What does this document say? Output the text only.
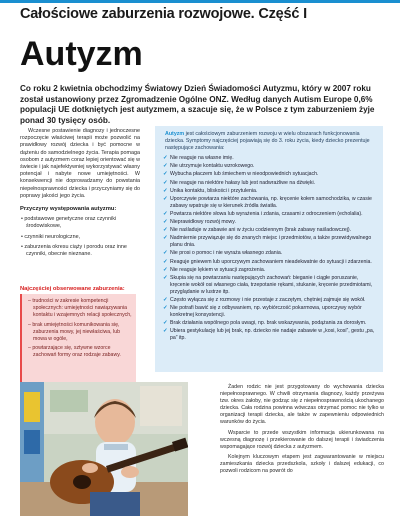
Całościowe zaburzenia rozwojowe. Część I
Autyzm
Co roku 2 kwietnia obchodzimy Światowy Dzień Świadomości Autyzmu, który w 2007 roku został ustanowiony przez Zgromadzenie Ogólne ONZ. Według danych Autism Europe 0,6% populacji UE dotkniętych jest autyzmem, a szacuje się, że w Polsce z tym zaburzeniem żyje ponad 30 tysięcy osób.

Wczesne postawienie diagnozy i jednoczesne rozpoczęcie właściwej terapii może pozwolić na prawidłowy rozwój dziecka i być pomocne w dążeniu do samodzielnego życia. Terapia pomaga osobom z autyzmem coraz lepiej orientować się w świecie i jak najefektywniej wykorzystywać własny potencjał i nabyte nowe umiejętności. W konsekwencji nie doprowadzamy do powstania niepełnosprawności dziecka i przyczyniamy się do poprawy jakości jego życia.

Przyczyny występowania autyzmu:
• podstawowe genetyczne oraz czynniki środowiskowe,
• czynniki neurologiczne,
• zaburzenia okresu ciąży i porodu oraz inne czynniki, obecnie nieznane.
Najczęściej obserwowane zaburzenia:
– trudności w zakresie kompetencji społecznych: umiejętności nawiązywania kontaktu i wzajemnych relacji społecznych,
– brak umiejętności komunikowania się, zaburzenia mowy, jej niewłaściwa, lub mowa w ogóle,
– powtarzające się, sztywne wzorce zachowań formy oraz rodzaje zabawy.
Autyzm jest całościowym zaburzeniem rozwoju w wielu obszarach funkcjonowania dziecka. Symptomy najczęściej pojawiają się do 3. roku życia, kiedy dziecko prezentuje następujące zachowania:
✓ Nie reaguje na własne imię.
✓ Nie utrzymuje kontaktu wzrokowego.
✓ Wybucha płaczem lub śmiechem w nieodpowiednich sytuacjach.
✓ Nie reaguje na niektóre hałasy lub jest nadwrażliwe na dźwięki.
✓ Unika kontaktu, bliskości i przytulenia.
✓ Uporczywie powtarza niektóre zachowania, np. kręcenie kołem samochodzika, w czasie zabawy wpatruje się w kierunek źródła światła.
✓ Powtarza niektóre słowa lub wyrażenia i zdania, czasami z odroczeniem (echolalia).
✓ Nieprawidłowy rozwój mowy.
✓ Nie naśladuje w zabawie ani w życiu codziennym (brak zabawy naśladowczej).
✓ Nadmiernie przywiązuje się do znanych miejsc i przedmiotów, a także przewidywalnego planu dnia.
✓ Nie prosi o pomoc i nie wyraża własnego zdania.
✓ Reaguje gniewem lub uporczywym zachowaniem nieadekwatnie do sytuacji i zdarzenia.
✓ Nie reaguje lękiem w sytuacji zagrożenia.
✓ Skupia się na powtarzaniu następujących zachowań: bieganie i ciągłe poruszanie, kręcenie wokół osi własnego ciała, trzepotanie rękami, stukanie, kręcenie przedmiotami, przyglądanie w lustrze itp.
✓ Często wyłącza się z rozmowy i nie przestaje z zaczętym, chętniej zajmuje się wokół.
✓ Nie potrafi bawić się z odbywaniem, np. wybiórczość pokarmowa, uporczywy wybór konkretnej konsystencji.
✓ Brak działania wspólnego pola uwagi, np. brak wskazywania, podążania za dorosłym.
✓ Ubiera gestykulację lub jej brak, np. dziecko nie nadaje zabawie w „kosi, kosi”, gestu „pa, pa” itp.

Żaden rodzic nie jest przygotowany do wychowania dziecka niepełnosprawnego. W chwili otrzymania diagnozy, każdy przeżywa tzw. okres żałoby, nie godząc się z niepełnosprawnością ukochanego dziecka. Cała rodzina powinna wówczas otrzymać pomoc nie tylko w organizacji terapii dziecka, ale także w zapewnieniu odpowiednich warunków do życia.

Wsparcie to przede wszystkim informacja ukierunkowana na wczesną diagnozę i przekierowanie do dalszej terapii i świadczenia wspomagające rozwój dziecka z autyzmem.

Kolejnym kluczowym etapem jest zagwarantowanie w miejscu zamieszkania dziecka przedszkola, szkoły i dalszej edukacji, co pozwoli rodzicom na powrót do
